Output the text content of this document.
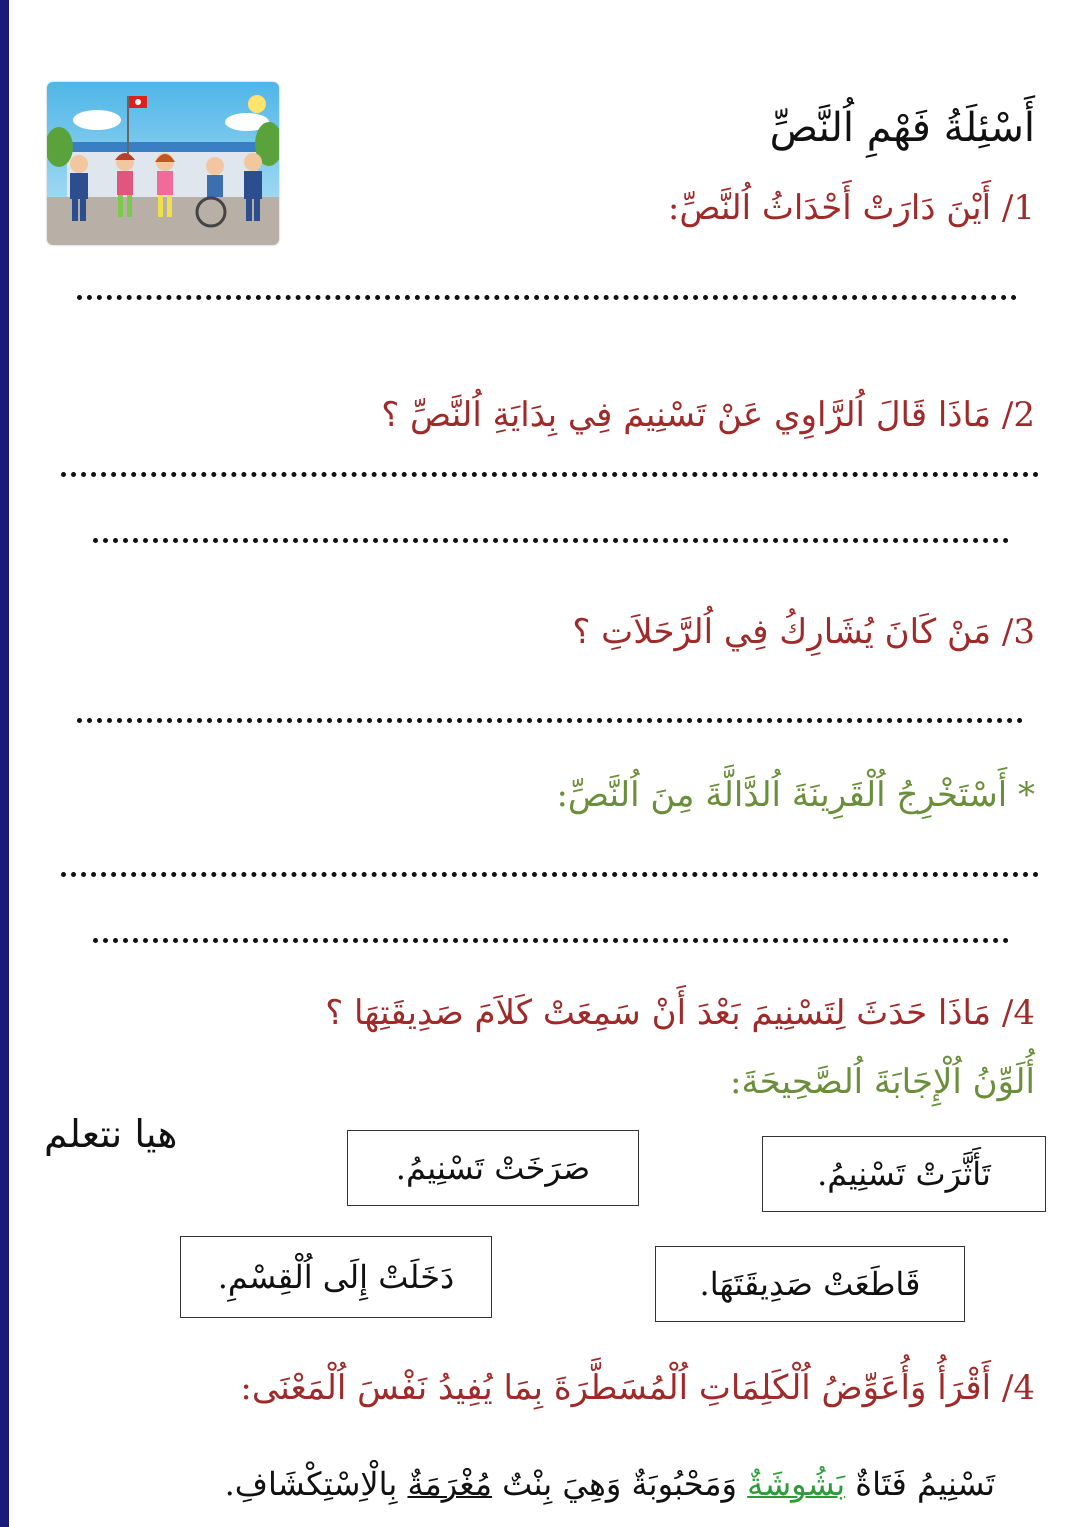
أَسْئِلَةُ فَهْمِ اُلنَّصِّ
1/ أَيْنَ دَارَتْ أَحْدَاثُ اُلنَّصِّ:
2/ مَاذَا قَالَ اُلرَّاوِي عَنْ تَسْنِيمَ فِي بِدَايَةِ اُلنَّصِّ ؟
3/ مَنْ كَانَ يُشَارِكُ فِي اُلرَّحَلاَتِ ؟
* أَسْتَخْرِجُ اُلْقَرِينَةَ اُلدَّالَّةَ مِنَ اُلنَّصِّ:
4/ مَاذَا حَدَثَ لِتَسْنِيمَ بَعْدَ أَنْ سَمِعَتْ كَلاَمَ صَدِيقَتِهَا ؟
أُلَوِّنُ اُلْإِجَابَةَ اُلصَّحِيحَةَ:
هيا نتعلم
تَأَثَّرَتْ تَسْنِيمُ.
صَرَخَتْ تَسْنِيمُ.
قَاطَعَتْ صَدِيقَتَهَا.
دَخَلَتْ إِلَى اُلْقِسْمِ.
4/ أَقْرَأُ وَأُعَوِّضُ اُلْكَلِمَاتِ اُلْمُسَطَّرَةَ بِمَا يُفِيدُ نَفْسَ اُلْمَعْنَى:
تَسْنِيمُ فَتَاةٌ بَشُوشَةٌ وَمَحْبُوبَةٌ وَهِيَ بِنْتٌ مُغْرَمَةٌ بِالْاِسْتِكْشَافِ.
